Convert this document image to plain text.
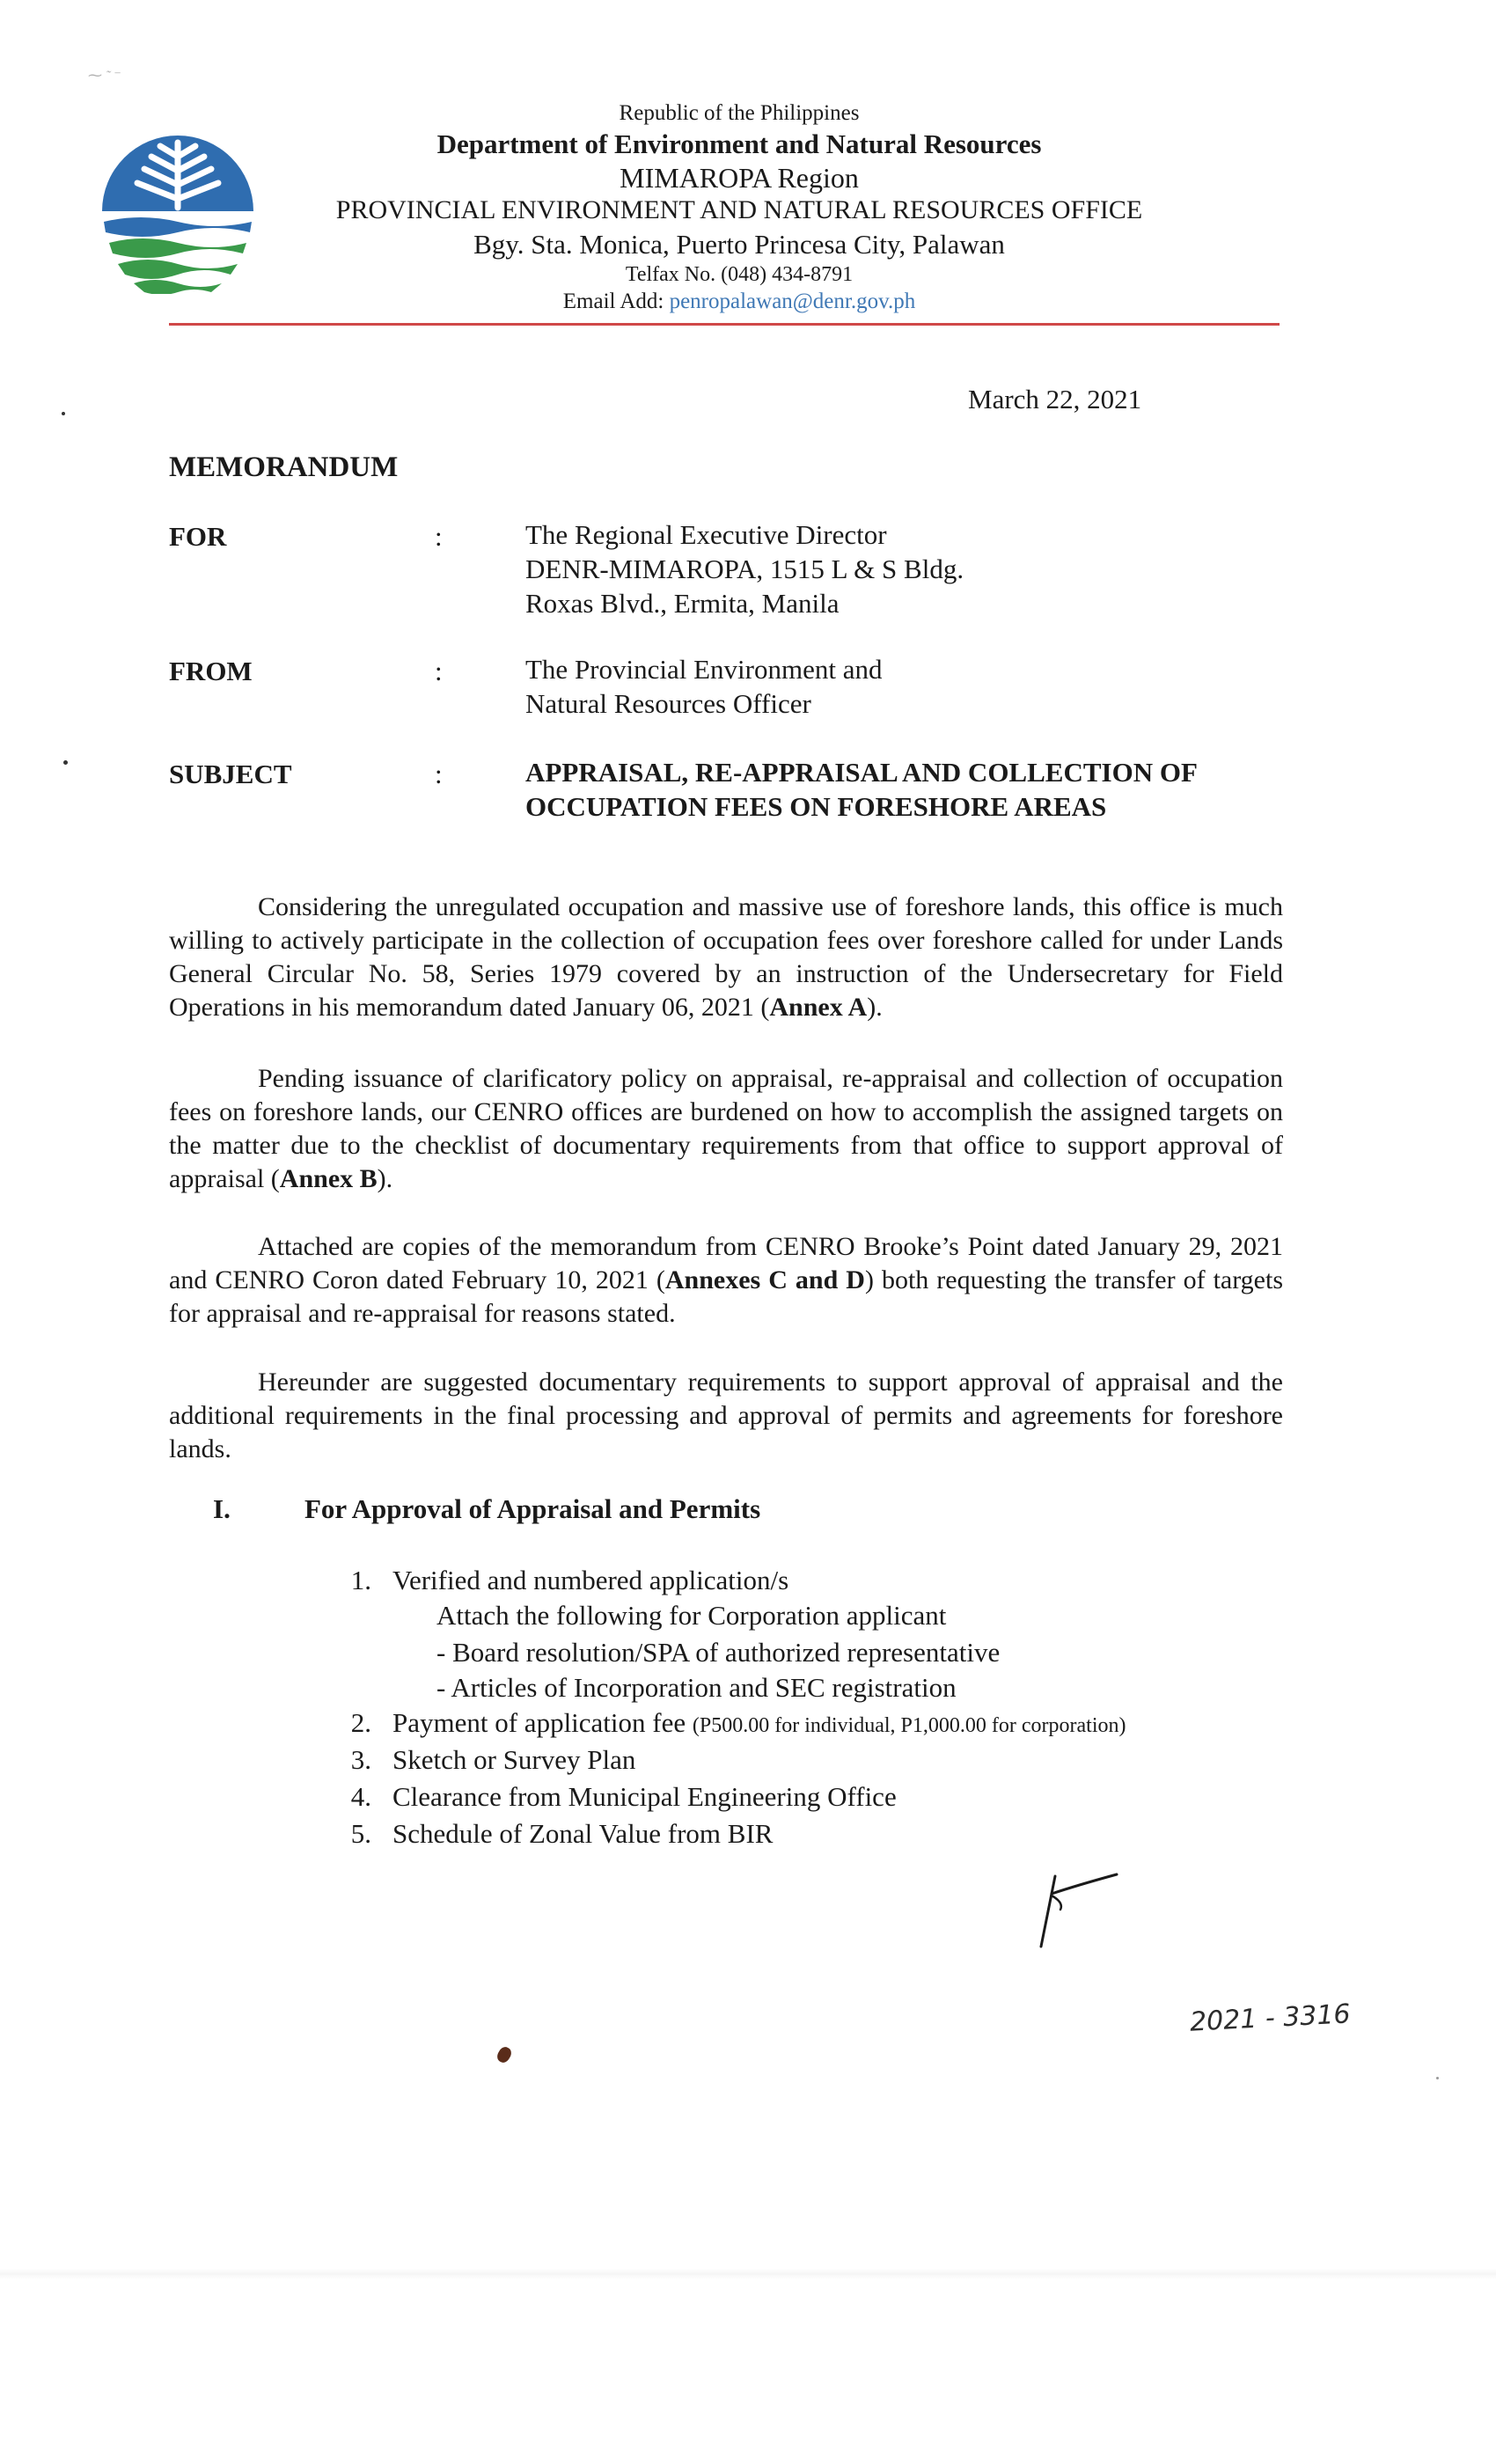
⁓ ˜ ⁻
Republic of the Philippines
Department of Environment and Natural Resources
MIMAROPA Region
PROVINCIAL ENVIRONMENT AND NATURAL RESOURCES OFFICE
Bgy. Sta. Monica, Puerto Princesa City, Palawan
Telfax No. (048) 434-8791
Email Add: penropalawan@denr.gov.ph
March 22, 2021
MEMORANDUM
FOR	:	The Regional Executive Director
DENR-MIMAROPA, 1515 L & S Bldg.
Roxas Blvd., Ermita, Manila
FROM	:	The Provincial Environment and
Natural Resources Officer
SUBJECT	:	APPRAISAL, RE-APPRAISAL AND COLLECTION OF
OCCUPATION FEES ON FORESHORE AREAS
Considering the unregulated occupation and massive use of foreshore lands, this office is much willing to actively participate in the collection of occupation fees over foreshore called for under Lands General Circular No. 58, Series 1979 covered by an instruction of the Undersecretary for Field Operations in his memorandum dated January 06, 2021 (Annex A).
Pending issuance of clarificatory policy on appraisal, re-appraisal and collection of occupation fees on foreshore lands, our CENRO offices are burdened on how to accomplish the assigned targets on the matter due to the checklist of documentary requirements from that office to support approval of appraisal (Annex B).
Attached are copies of the memorandum from CENRO Brooke’s Point dated January 29, 2021 and CENRO Coron dated February 10, 2021 (Annexes C and D) both requesting the transfer of targets for appraisal and re-appraisal for reasons stated.
Hereunder are suggested documentary requirements to support approval of appraisal and the additional requirements in the final processing and approval of permits and agreements for foreshore lands.
I.	For Approval of Appraisal and Permits
1. Verified and numbered application/s
Attach the following for Corporation applicant
- Board resolution/SPA of authorized representative
- Articles of Incorporation and SEC registration
2. Payment of application fee (P500.00 for individual, P1,000.00 for corporation)
3. Sketch or Survey Plan
4. Clearance from Municipal Engineering Office
5. Schedule of Zonal Value from BIR
2021 - 3316
